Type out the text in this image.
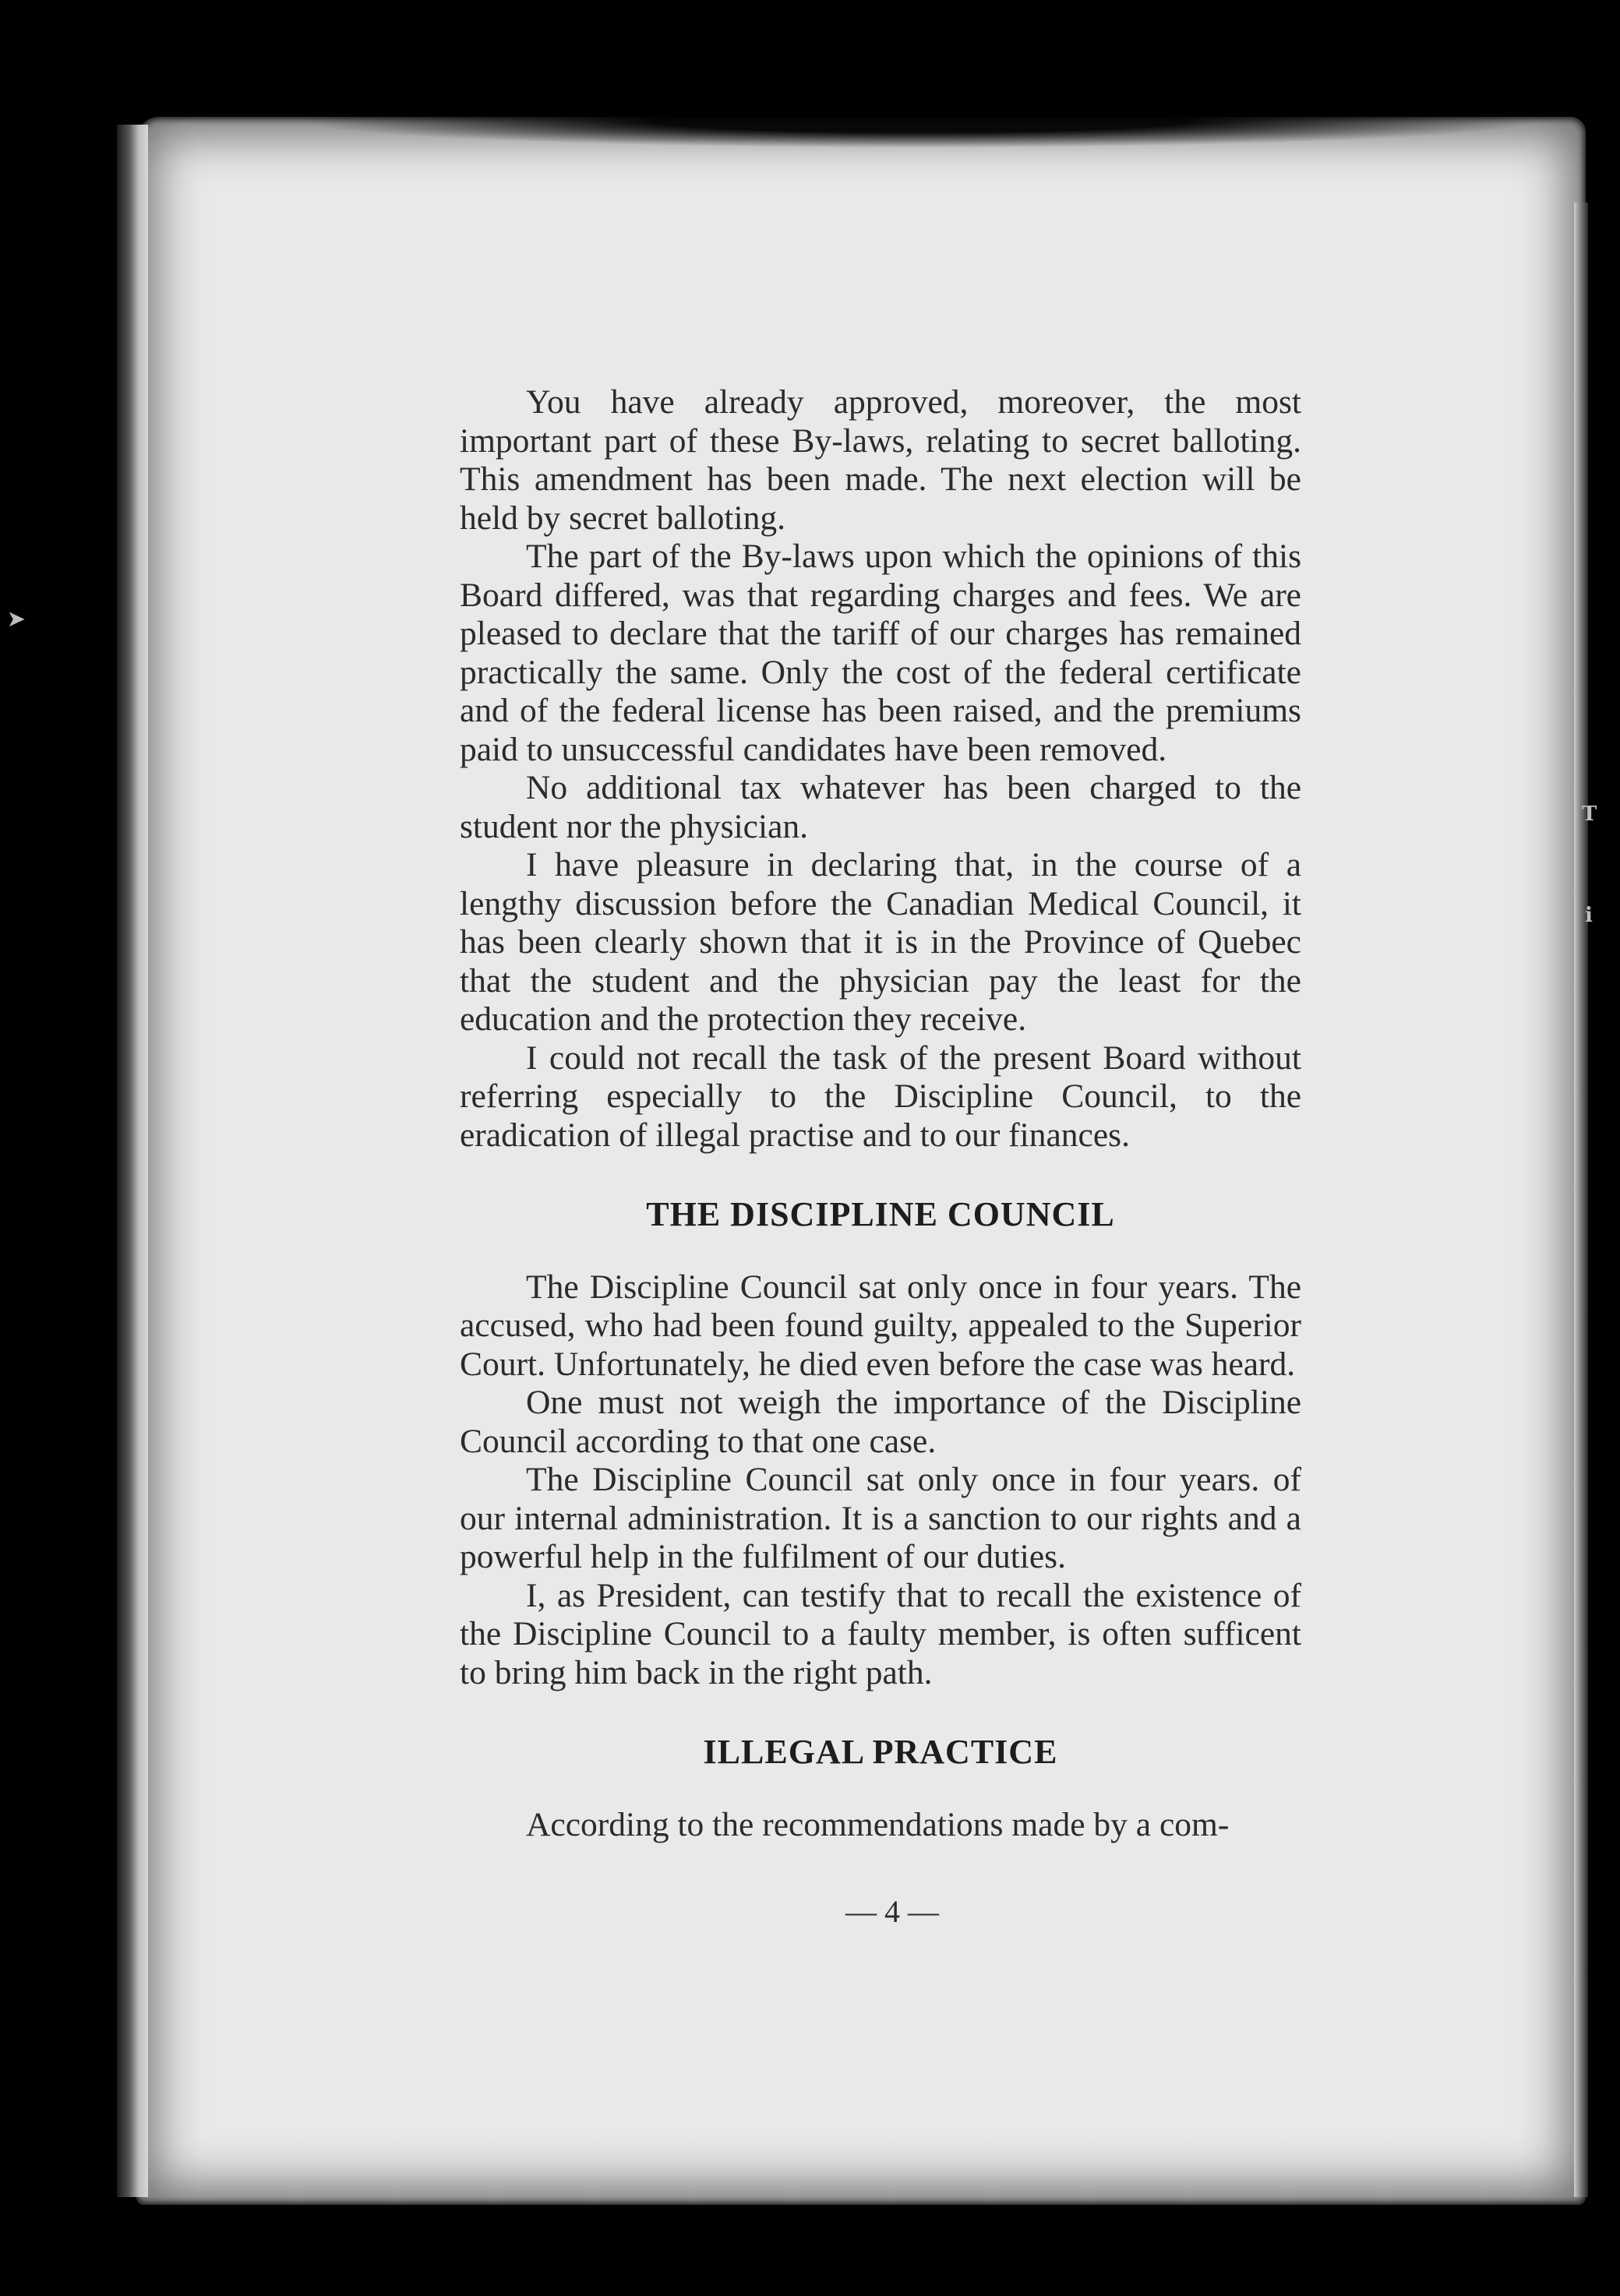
➤
T
i

You have already approved, moreover, the most important part of these By-laws, relating to secret balloting. This amendment has been made. The next election will be held by secret balloting.

The part of the By-laws upon which the opinions of this Board differed, was that regarding charges and fees. We are pleased to declare that the tariff of our charges has remained practically the same. Only the cost of the federal certificate and of the federal license has been raised, and the premiums paid to unsuccessful candidates have been removed.

No additional tax whatever has been charged to the student nor the physician.

I have pleasure in declaring that, in the course of a lengthy discussion before the Canadian Medical Council, it has been clearly shown that it is in the Province of Quebec that the student and the physician pay the least for the education and the protection they receive.

I could not recall the task of the present Board without referring especially to the Discipline Council, to the eradication of illegal practise and to our finances.

THE DISCIPLINE COUNCIL

The Discipline Council sat only once in four years. The accused, who had been found guilty, appealed to the Superior Court. Unfortunately, he died even before the case was heard.

One must not weigh the importance of the Discipline Council according to that one case.

The Discipline Council sat only once in four years. of our internal administration. It is a sanction to our rights and a powerful help in the fulfilment of our duties.

I, as President, can testify that to recall the existence of the Discipline Council to a faulty member, is often sufficent to bring him back in the right path.

ILLEGAL PRACTICE

According to the recommendations made by a com-

— 4 —
